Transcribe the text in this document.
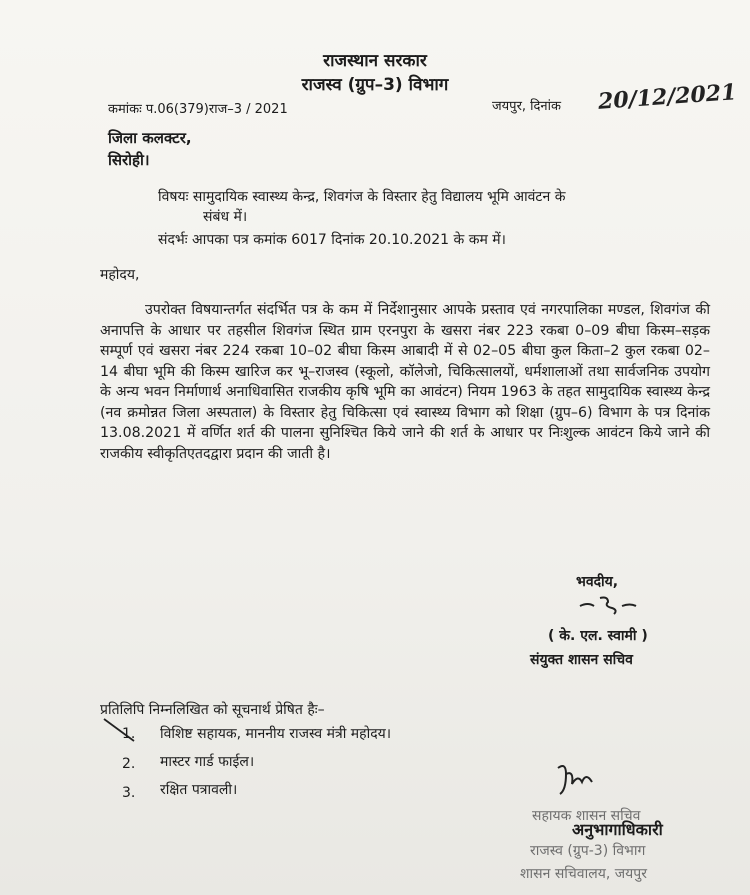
राजस्थान सरकार
राजस्व (ग्रुप–3) विभाग
कमांकः प.06(379)राज–3 / 2021	जयपुर, दिनांक 20/12/2021
जिला कलक्टर,
सिरोही।
विषयः सामुदायिक स्वास्थ्य केन्द्र, शिवगंज के विस्तार हेतु विद्यालय भूमि आवंटन के
संबंध में।
संदर्भः आपका पत्र कमांक 6017 दिनांक 20.10.2021 के कम में।
महोदय,
उपरोक्त विषयान्तर्गत संदर्भित पत्र के कम में निर्देशानुसार आपके प्रस्ताव एवं नगरपालिका मण्डल, शिवगंज की अनापत्ति के आधार पर तहसील शिवगंज स्थित ग्राम एरनपुरा के खसरा नंबर 223 रकबा 0–09 बीघा किस्म–सड़क सम्पूर्ण एवं खसरा नंबर 224 रकबा 10–02 बीघा किस्म आबादी में से 02–05 बीघा कुल किता–2 कुल रकबा 02–14 बीघा भूमि की किस्म खारिज कर भू–राजस्व (स्कूलो, कॉलेजो, चिकित्सालयों, धर्मशालाओं तथा सार्वजनिक उपयोग के अन्य भवन निर्माणार्थ अनाधिवासित राजकीय कृषि भूमि का आवंटन) नियम 1963 के तहत सामुदायिक स्वास्थ्य केन्द्र (नव क्रमोन्नत जिला अस्पताल) के विस्तार हेतु चिकित्सा एवं स्वास्थ्य विभाग को शिक्षा (ग्रुप–6) विभाग के पत्र दिनांक 13.08.2021 में वर्णित शर्त की पालना सुनिश्चित किये जाने की शर्त के आधार पर निःशुल्क आवंटन किये जाने की राजकीय स्वीकृतिएतदद्वारा प्रदान की जाती है।
भवदीय,
( के. एल. स्वामी )
संयुक्त शासन सचिव
प्रतिलिपि निम्नलिखित को सूचनार्थ प्रेषित हैः–
1. विशिष्ट सहायक, माननीय राजस्व मंत्री महोदय।
2. मास्टर गार्ड फाईल।
3. रक्षित पत्रावली।
सहायक शासन सचिव
अनुभागाधिकारी
राजस्व (ग्रुप-3) विभाग
शासन सचिवालय, जयपुर
